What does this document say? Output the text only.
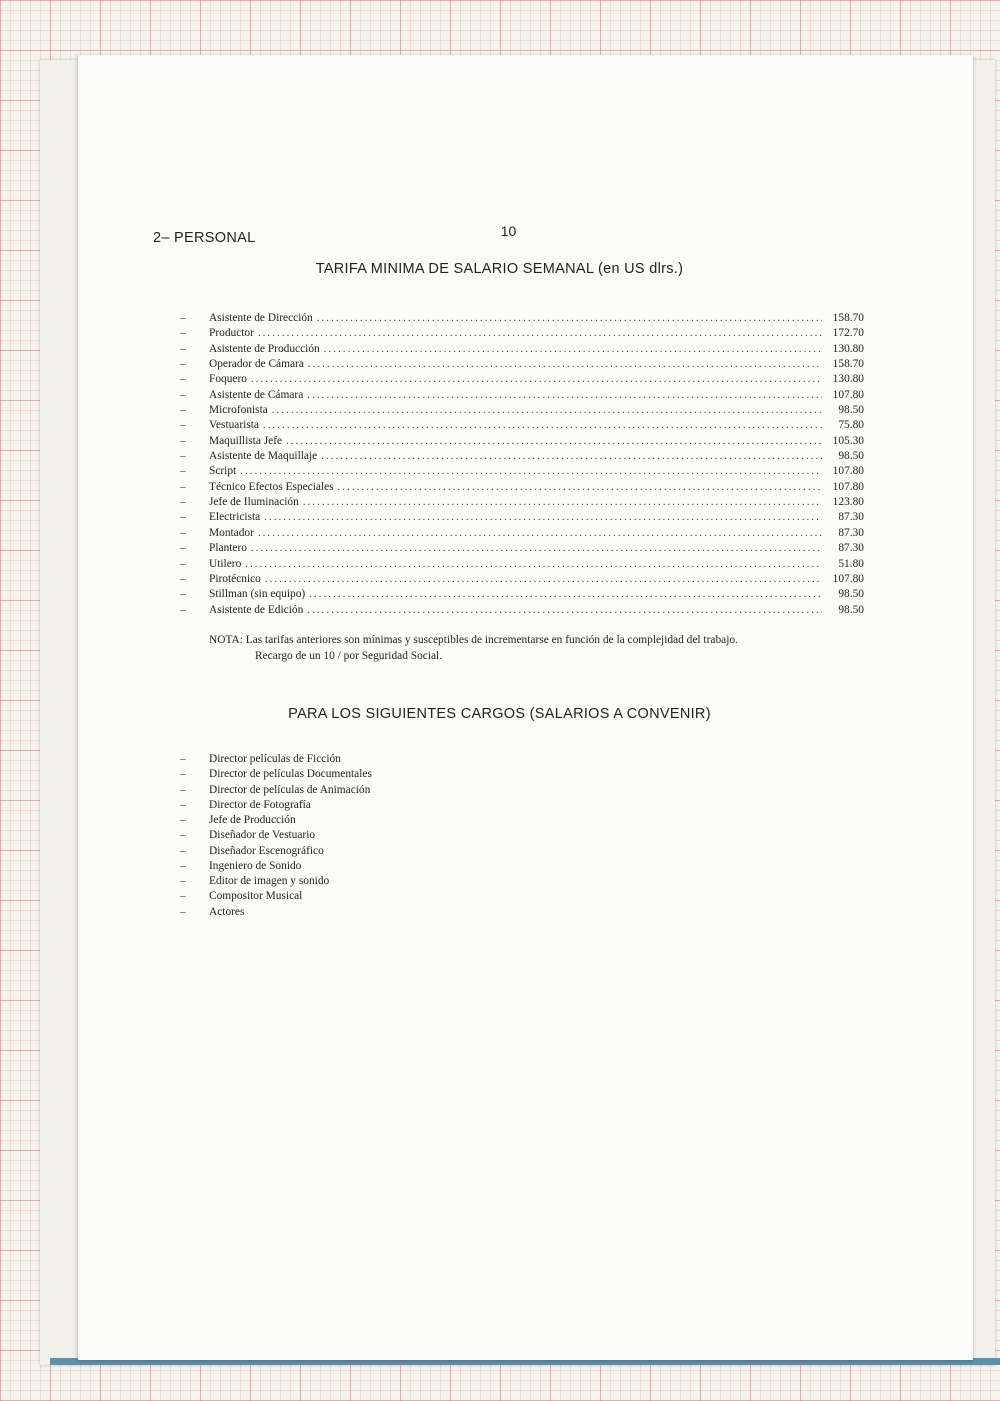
10
2– PERSONAL
TARIFA MINIMA DE SALARIO SEMANAL (en US dlrs.)
–	Asistente de Dirección .....	158.70
–	Productor .....	172.70
–	Asistente de Producción .....	130.80
–	Operador de Cámara .....	158.70
–	Foquero .....	130.80
–	Asistente de Cámara .....	107.80
–	Microfonista .....	98.50
–	Vestuarista .....	75.80
–	Maquillista Jefe .....	105.30
–	Asistente de Maquillaje .....	98.50
–	Script .....	107.80
–	Técnico Efectos Especiales .....	107.80
–	Jefe de Iluminación .....	123.80
–	Electricista .....	87.30
–	Montador .....	87.30
–	Plantero .....	87.30
–	Utilero .....	51.80
–	Pirotécnico .....	107.80
–	Stillman (sin equipo) .....	98.50
–	Asistente de Edición .....	98.50
NOTA: Las tarifas anteriores son mínimas y susceptibles de incrementarse en función de la complejidad del trabajo.
Recargo de un 10 / por Seguridad Social.
PARA LOS SIGUIENTES CARGOS (SALARIOS A CONVENIR)
–	Director películas de Ficción
–	Director de películas Documentales
–	Director de películas de Animación
–	Director de Fotografía
–	Jefe de Producción
–	Diseñador de Vestuario
–	Diseñador Escenográfico
–	Ingeniero de Sonido
–	Editor de imagen y sonido
–	Compositor Musical
–	Actores
